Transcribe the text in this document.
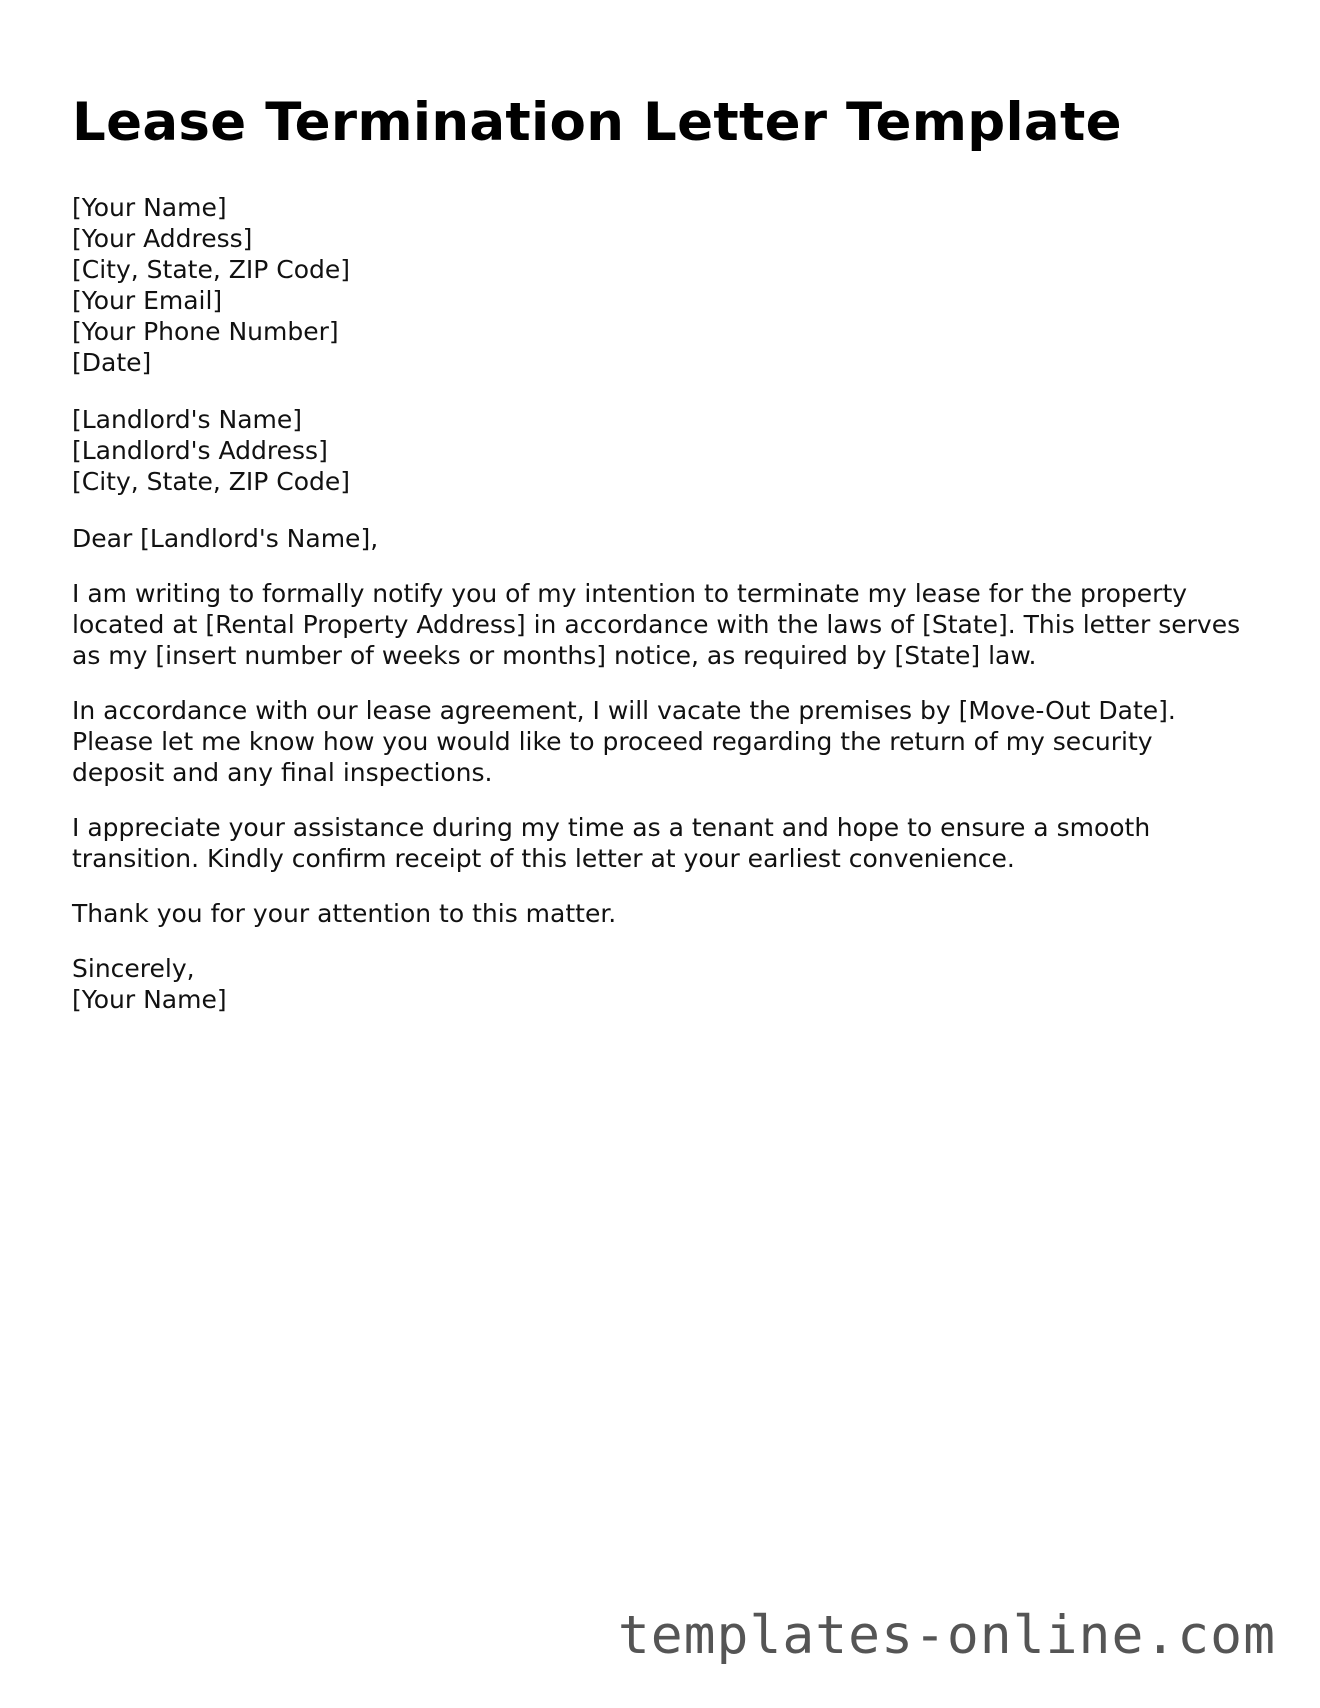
Lease Termination Letter Template
[Your Name]
[Your Address]
[City, State, ZIP Code]
[Your Email]
[Your Phone Number]
[Date]
[Landlord's Name]
[Landlord's Address]
[City, State, ZIP Code]

Dear [Landlord's Name],

I am writing to formally notify you of my intention to terminate my lease for the property located at [Rental Property Address] in accordance with the laws of [State]. This letter serves as my [insert number of weeks or months] notice, as required by [State] law.

In accordance with our lease agreement, I will vacate the premises by [Move-Out Date]. Please let me know how you would like to proceed regarding the return of my security deposit and any final inspections.

I appreciate your assistance during my time as a tenant and hope to ensure a smooth transition. Kindly confirm receipt of this letter at your earliest convenience.

Thank you for your attention to this matter.

Sincerely,
[Your Name]
templates-online.com
